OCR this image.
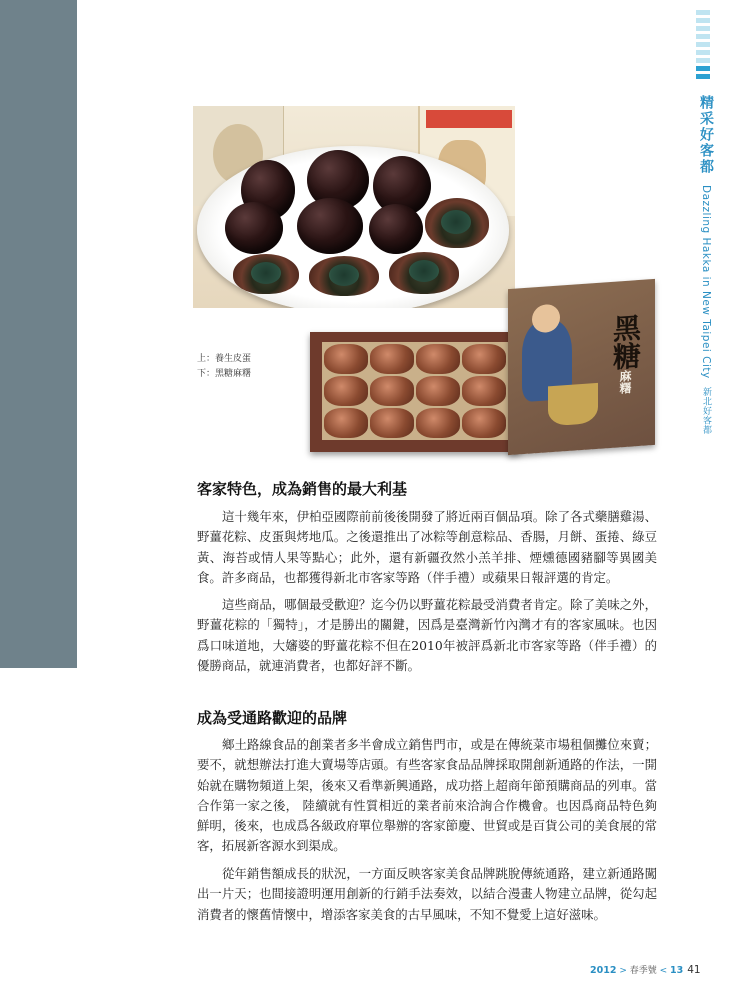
精采好客都 Dazzling Hakka in New Taipei City 新北好客都
黑糖麻糬
上：養生皮蛋
下：黑糖麻糬
客家特色，成為銷售的最大利基

這十幾年來，伊柏亞國際前前後後開發了將近兩百個品項。除了各式藥膳雞湯、野薑花粽、皮蛋與烤地瓜。之後還推出了冰粽等創意粽品、香腸，月餅、蛋捲、綠豆黃、海苔或情人果等點心；此外，還有新疆孜然小羔羊排、煙燻德國豬腳等異國美食。許多商品，也都獲得新北市客家等路（伴手禮）或蘋果日報評選的肯定。

這些商品，哪個最受歡迎？迄今仍以野薑花粽最受消費者肯定。除了美味之外，野薑花粽的「獨特」，才是勝出的關鍵，因爲是臺灣新竹內灣才有的客家風味。也因爲口味道地，大嬸婆的野薑花粽不但在2010年被評爲新北市客家等路（伴手禮）的優勝商品，就連消費者，也都好評不斷。

成為受通路歡迎的品牌

鄉土路線食品的創業者多半會成立銷售門市，或是在傳統菜市場租個攤位來賣；要不，就想辦法打進大賣場等店頭。有些客家食品品牌採取開創新通路的作法，一開始就在購物頻道上架，後來又看準新興通路，成功搭上超商年節預購商品的列車。當合作第一家之後， 陸續就有性質相近的業者前來洽詢合作機會。也因爲商品特色夠鮮明，後來，也成爲各級政府單位舉辦的客家節慶、世貿或是百貨公司的美食展的常客，拓展新客源水到渠成。

從年銷售額成長的狀況，一方面反映客家美食品牌跳脫傳統通路，建立新通路闖出一片天；也間接證明運用創新的行銷手法奏效，以結合漫畫人物建立品牌，從勾起消費者的懷舊情懷中，增添客家美食的古早風味，不知不覺愛上這好滋味。

2012 > 春季號 < 13 41
